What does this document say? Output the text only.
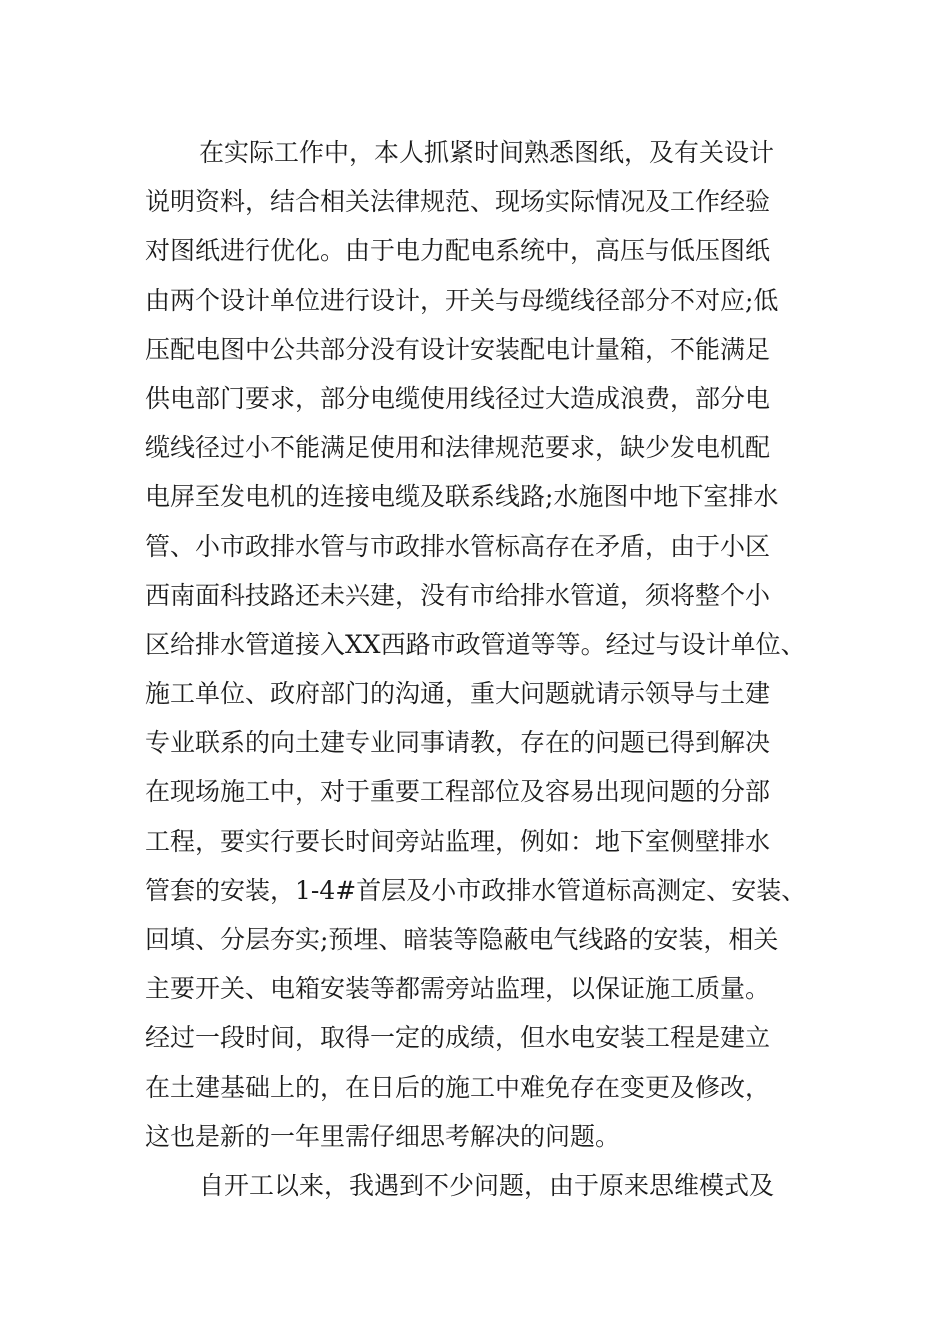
在实际工作中，本人抓紧时间熟悉图纸，及有关设计
说明资料，结合相关法律规范、现场实际情况及工作经验
对图纸进行优化。由于电力配电系统中，高压与低压图纸
由两个设计单位进行设计，开关与母缆线径部分不对应;低
压配电图中公共部分没有设计安装配电计量箱，不能满足
供电部门要求，部分电缆使用线径过大造成浪费，部分电
缆线径过小不能满足使用和法律规范要求，缺少发电机配
电屏至发电机的连接电缆及联系线路;水施图中地下室排水
管、小市政排水管与市政排水管标高存在矛盾，由于小区
西南面科技路还未兴建，没有市给排水管道，须将整个小
区给排水管道接入XX西路市政管道等等。经过与设计单位、
施工单位、政府部门的沟通，重大问题就请示领导与土建
专业联系的向土建专业同事请教，存在的问题已得到解决
在现场施工中，对于重要工程部位及容易出现问题的分部
工程，要实行要长时间旁站监理，例如：地下室侧壁排水
管套的安装，1-4#首层及小市政排水管道标高测定、安装、
回填、分层夯实;预埋、暗装等隐蔽电气线路的安装，相关
主要开关、电箱安装等都需旁站监理，以保证施工质量。
经过一段时间，取得一定的成绩，但水电安装工程是建立
在土建基础上的，在日后的施工中难免存在变更及修改，
这也是新的一年里需仔细思考解决的问题。
自开工以来，我遇到不少问题，由于原来思维模式及
